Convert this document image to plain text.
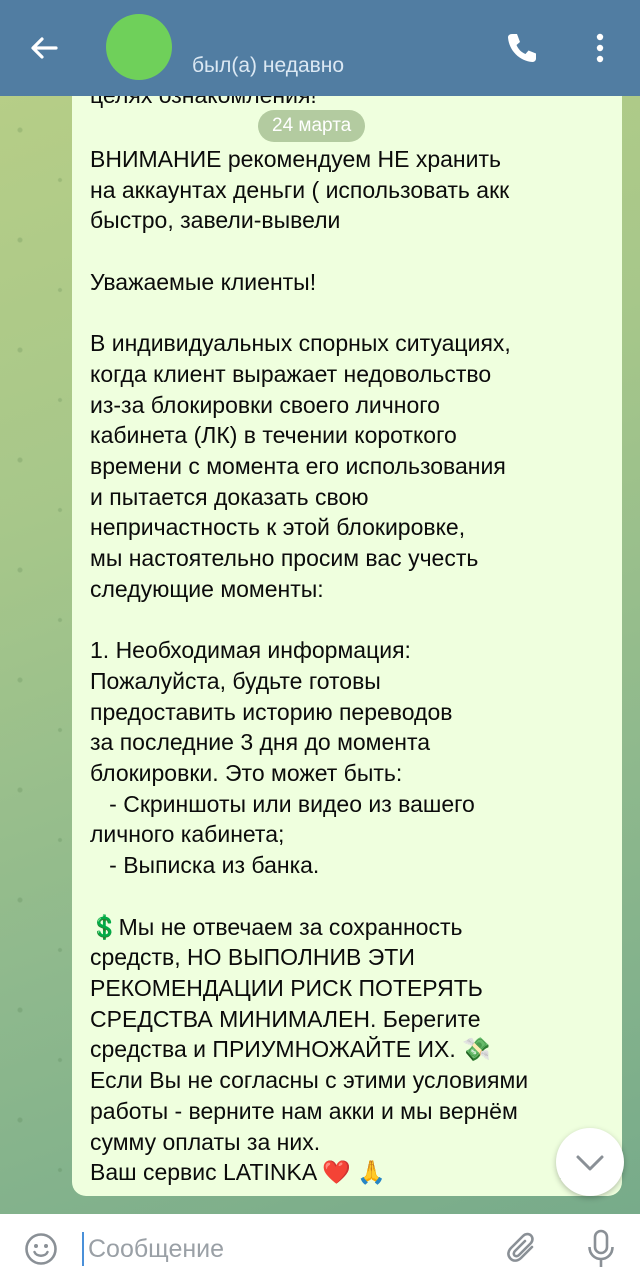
был(а) недавно
ВНИМАНИЕ рекомендуем НЕ хранить
на аккаунтах деньги ( использовать акк
быстро, завели-вывели

Уважаемые клиенты!

В индивидуальных спорных ситуациях,
когда клиент выражает недовольство
из-за блокировки своего личного
кабинета (ЛК) в течении короткого
времени с момента его использования
и пытается доказать свою
непричастность к этой блокировке,
мы настоятельно просим вас учесть
следующие моменты:

1. Необходимая информация:
Пожалуйста, будьте готовы
предоставить историю переводов
за последние 3 дня до момента
блокировки. Это может быть:
- Скриншоты или видео из вашего
личного кабинета;
- Выписка из банка.

💲Мы не отвечаем за сохранность
средств, НО ВЫПОЛНИВ ЭТИ
РЕКОМЕНДАЦИИ РИСК ПОТЕРЯТЬ
СРЕДСТВА МИНИМАЛЕН. Берегите
средства и ПРИУМНОЖАЙТЕ ИХ. 💸
Если Вы не согласны с этими условиями
работы - верните нам акки и мы вернём
сумму оплаты за них.
Ваш сервис LATINKA ❤️ 🙏
24 марта
Сообщение
